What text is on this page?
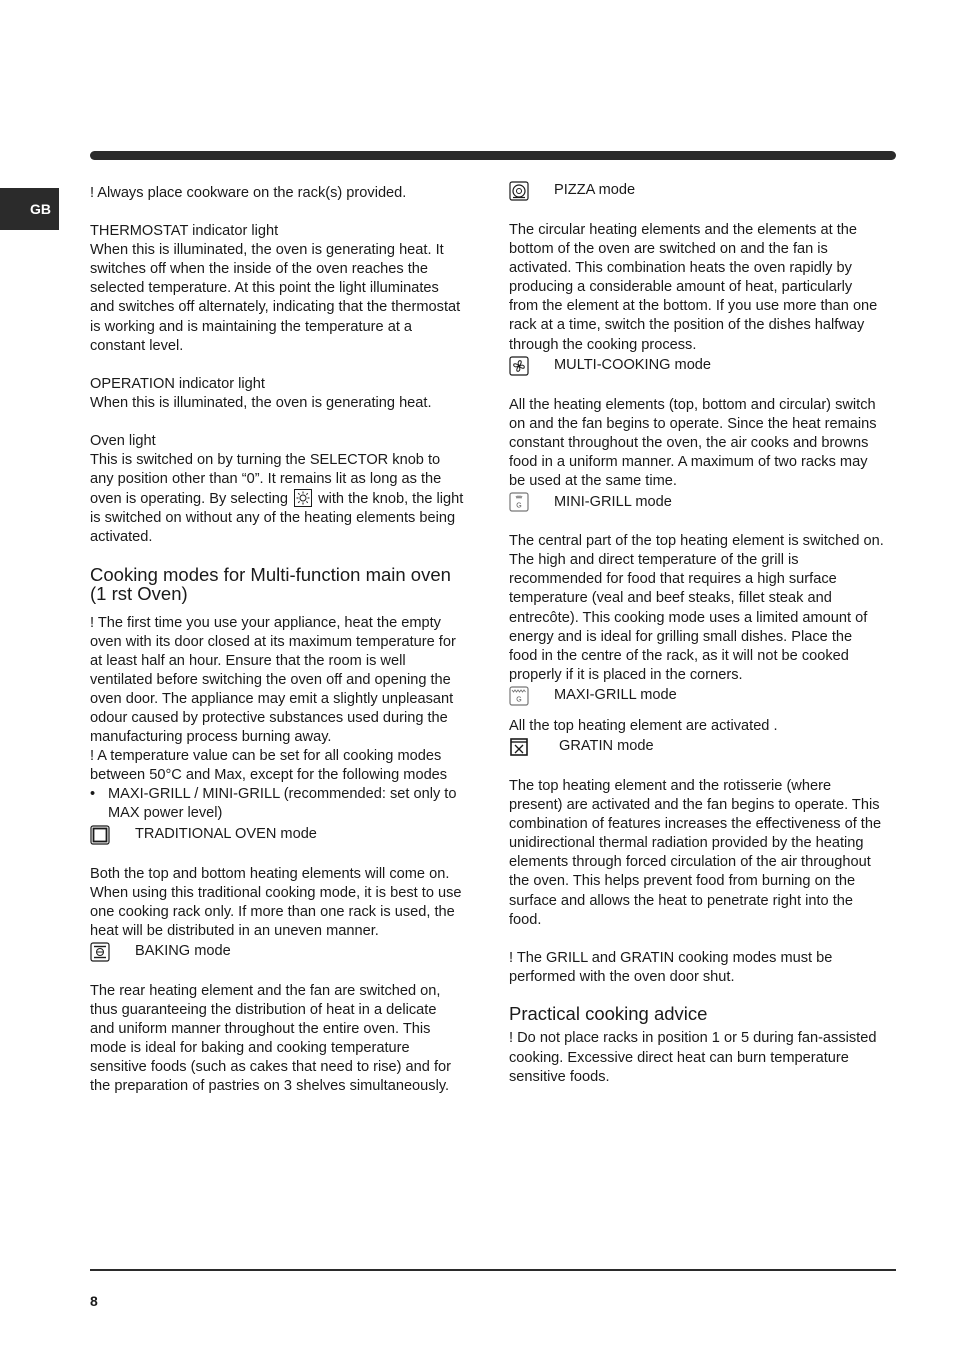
GB

! Always place cookware on the rack(s) provided.

THERMOSTAT indicator light

When this is illuminated, the oven is generating heat. It switches off when the inside of the oven reaches the selected temperature. At this point the light illuminates and switches off alternately, indicating that the thermostat is working and is maintaining the temperature at a constant level.

OPERATION indicator light

When this is illuminated, the oven is generating heat.

Oven light

This is switched on by turning the SELECTOR knob to any position other than “0”. It remains lit as long as the oven is operating. By selecting with the knob, the light is switched on without any of the heating elements being activated.

Cooking modes for Multi-function main oven (1 rst Oven)

! The first time you use your appliance, heat the empty oven with its door closed at its maximum temperature for at least half an hour. Ensure that the room is well ventilated before switching the oven off and opening the oven door. The appliance may emit a slightly unpleasant odour caused by protective substances used during the manufacturing process burning away.

! A temperature value can be set for all cooking modes

between 50°C and Max, except for the following modes

• MAXI-GRILL / MINI-GRILL (recommended: set only to MAX power level)

TRADITIONAL OVEN mode

Both the top and bottom heating elements will come on. When using this traditional cooking mode, it is best to use one cooking rack only. If more than one rack is used, the heat will be distributed in an uneven manner.

BAKING mode

The rear heating element and the fan are switched on, thus guaranteeing the distribution of heat in a delicate and uniform manner throughout the entire oven. This mode is ideal for baking and cooking temperature sensitive foods (such as cakes that need to rise) and for the preparation of pastries on 3 shelves simultaneously.

PIZZA mode

The circular heating elements and the elements at the bottom of the oven are switched on and the fan is activated. This combination heats the oven rapidly by producing a considerable amount of heat, particularly from the element at the bottom. If you use more than one rack at a time, switch the position of the dishes halfway through the cooking process.

MULTI-COOKING mode

All the heating elements (top, bottom and circular) switch on and the fan begins to operate. Since the heat remains constant throughout the oven, the air cooks and browns food in a uniform manner. A maximum of two racks may be used at the same time.

G MINI-GRILL mode

The central part of the top heating element is switched on. The high and direct temperature of the grill is recommended for food that requires a high surface temperature (veal and beef steaks, fillet steak and entrecôte). This cooking mode uses a limited amount of energy and is ideal for grilling small dishes. Place the food in the centre of the rack, as it will not be cooked properly if it is placed in the corners.

G MAXI-GRILL mode

All the top heating element are activated .

GRATIN mode

The top heating element and the rotisserie (where present) are activated and the fan begins to operate. This combination of features increases the effectiveness of the unidirectional thermal radiation provided by the heating elements through forced circulation of the air throughout the oven. This helps prevent food from burning on the surface and allows the heat to penetrate right into the food.

! The GRILL and GRATIN cooking modes must be performed with the oven door shut.

Practical cooking advice

! Do not place racks in position 1 or 5 during fan-assisted cooking. Excessive direct heat can burn temperature sensitive foods.

8
